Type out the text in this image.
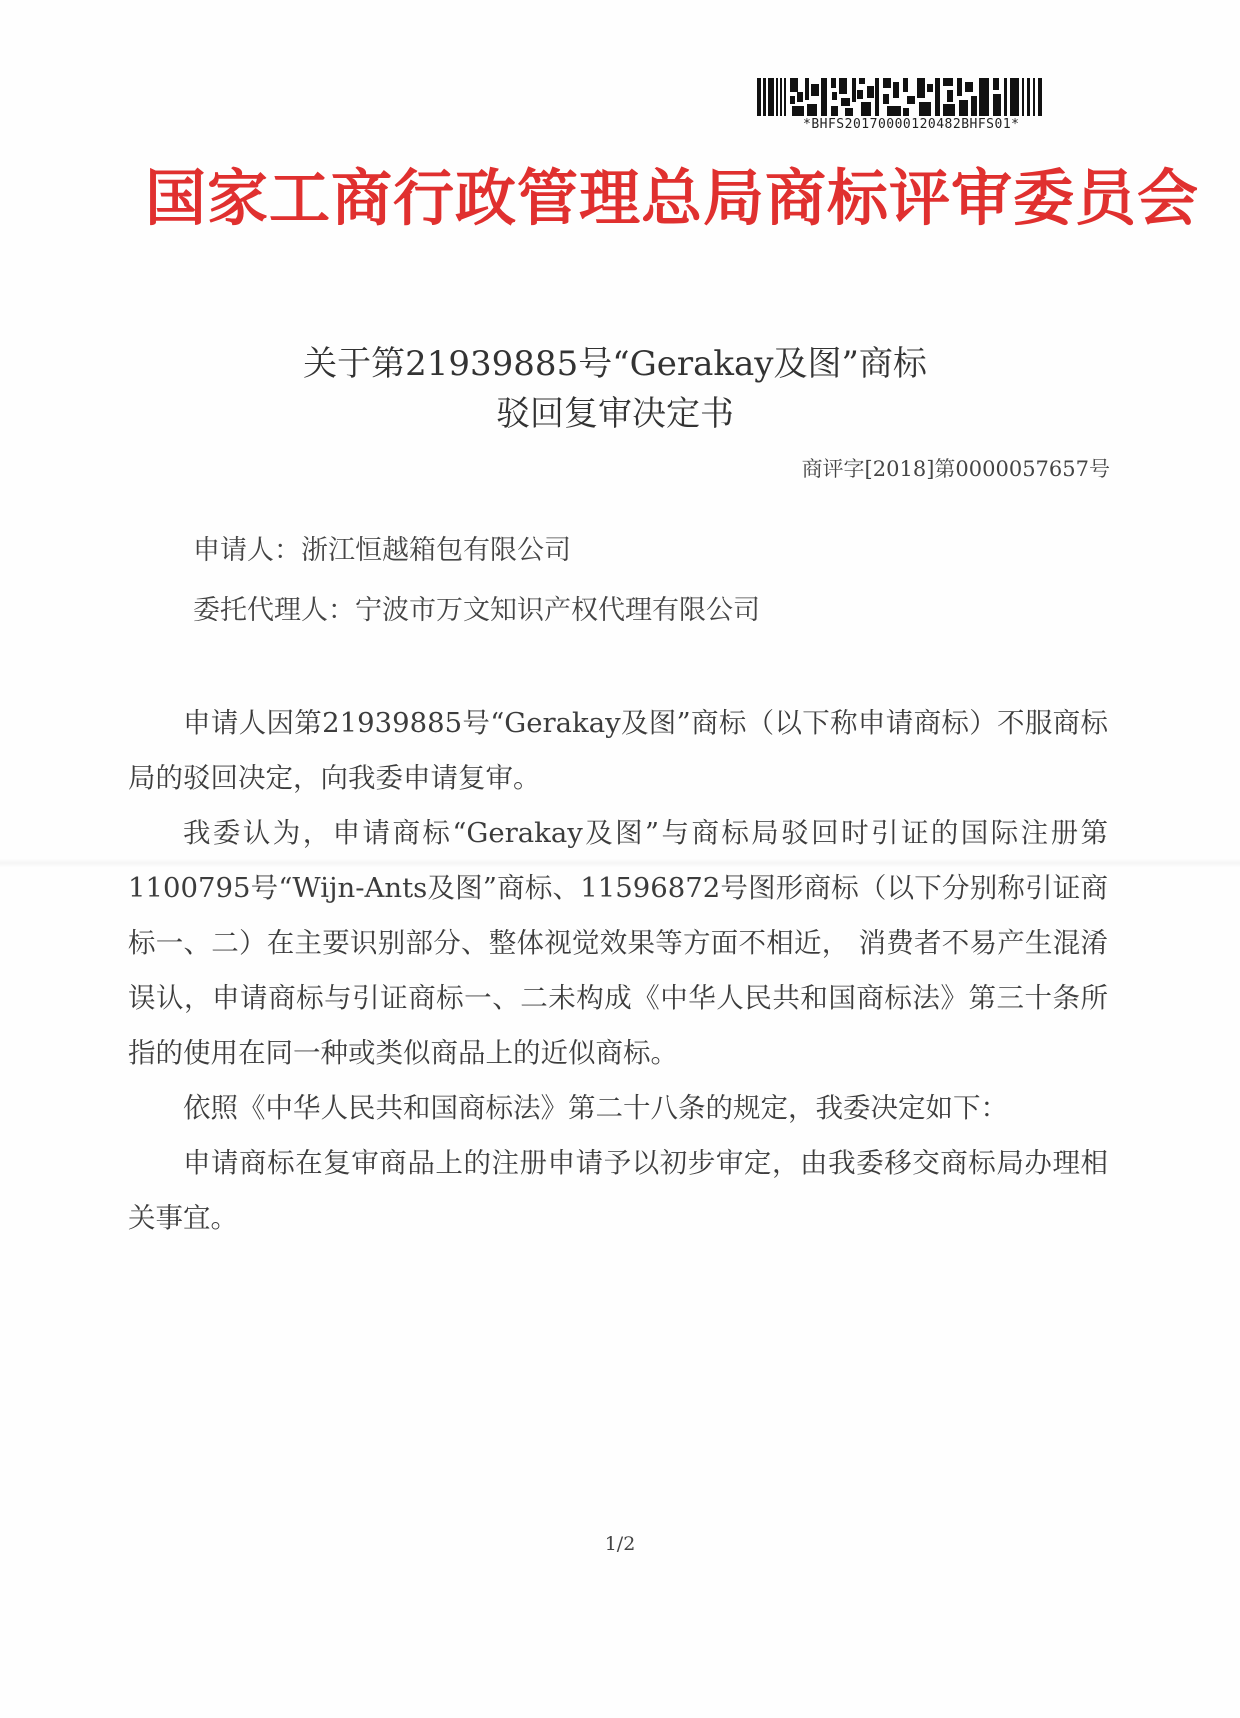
*BHFS20170000120482BHFS01*
国家工商行政管理总局商标评审委员会
关于第21939885号“Gerakay及图”商标
驳回复审决定书
商评字[2018]第0000057657号
申请人：浙江恒越箱包有限公司
委托代理人：宁波市万文知识产权代理有限公司

申请人因第21939885号“Gerakay及图”商标（以下称申请商标）不服商标局的驳回决定，向我委申请复审。

我委认为，申请商标“Gerakay及图”与商标局驳回时引证的国际注册第1100795号“Wijn-Ants及图”商标、11596872号图形商标（以下分别称引证商标一、二）在主要识别部分、整体视觉效果等方面不相近， 消费者不易产生混淆误认，申请商标与引证商标一、二未构成《中华人民共和国商标法》第三十条所指的使用在同一种或类似商品上的近似商标。

依照《中华人民共和国商标法》第二十八条的规定，我委决定如下：

申请商标在复审商品上的注册申请予以初步审定，由我委移交商标局办理相关事宜。

1/2
